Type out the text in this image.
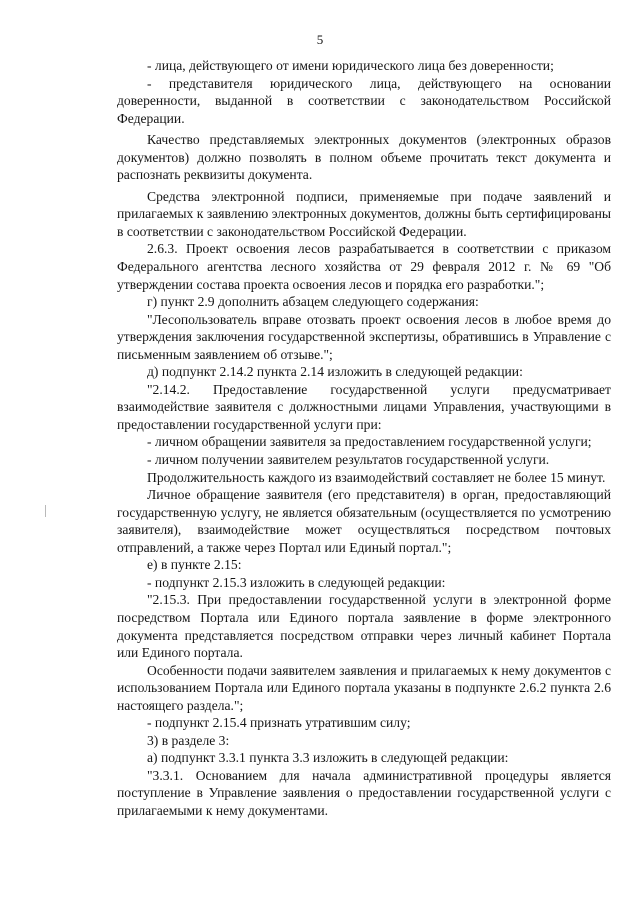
5

- лица, действующего от имени юридического лица без доверенности;

- представителя юридического лица, действующего на основании доверенности, выданной в соответствии с законодательством Российской Федерации.

Качество представляемых электронных документов (электронных образов документов) должно позволять в полном объеме прочитать текст документа и распознать реквизиты документа.

Средства электронной подписи, применяемые при подаче заявлений и прилагаемых к заявлению электронных документов, должны быть сертифицированы в соответствии с законодательством Российской Федерации.

2.6.3. Проект освоения лесов разрабатывается в соответствии с приказом Федерального агентства лесного хозяйства от 29 февраля 2012 г. № 69 "Об утверждении состава проекта освоения лесов и порядка его разработки.";

г) пункт 2.9 дополнить абзацем следующего содержания:

"Лесопользователь вправе отозвать проект освоения лесов в любое время до утверждения заключения государственной экспертизы, обратившись в Управление с письменным заявлением об отзыве.";

д) подпункт 2.14.2 пункта 2.14 изложить в следующей редакции:

"2.14.2. Предоставление государственной услуги предусматривает взаимодействие заявителя с должностными лицами Управления, участвующими в предоставлении государственной услуги при:

- личном обращении заявителя за предоставлением государственной услуги;

- личном получении заявителем результатов государственной услуги.

Продолжительность каждого из взаимодействий составляет не более 15 минут.

Личное обращение заявителя (его представителя) в орган, предоставляющий государственную услугу, не является обязательным (осуществляется по усмотрению заявителя), взаимодействие может осуществляться посредством почтовых отправлений, а также через Портал или Единый портал.";

е) в пункте 2.15:

- подпункт 2.15.3 изложить в следующей редакции:

"2.15.3. При предоставлении государственной услуги в электронной форме посредством Портала или Единого портала заявление в форме электронного документа представляется посредством отправки через личный кабинет Портала или Единого портала.

Особенности подачи заявителем заявления и прилагаемых к нему документов с использованием Портала или Единого портала указаны в подпункте 2.6.2 пункта 2.6 настоящего раздела.";

- подпункт 2.15.4 признать утратившим силу;

3) в разделе 3:

а) подпункт 3.3.1 пункта 3.3 изложить в следующей редакции:

"3.3.1. Основанием для начала административной процедуры является поступление в Управление заявления о предоставлении государственной услуги с прилагаемыми к нему документами.
